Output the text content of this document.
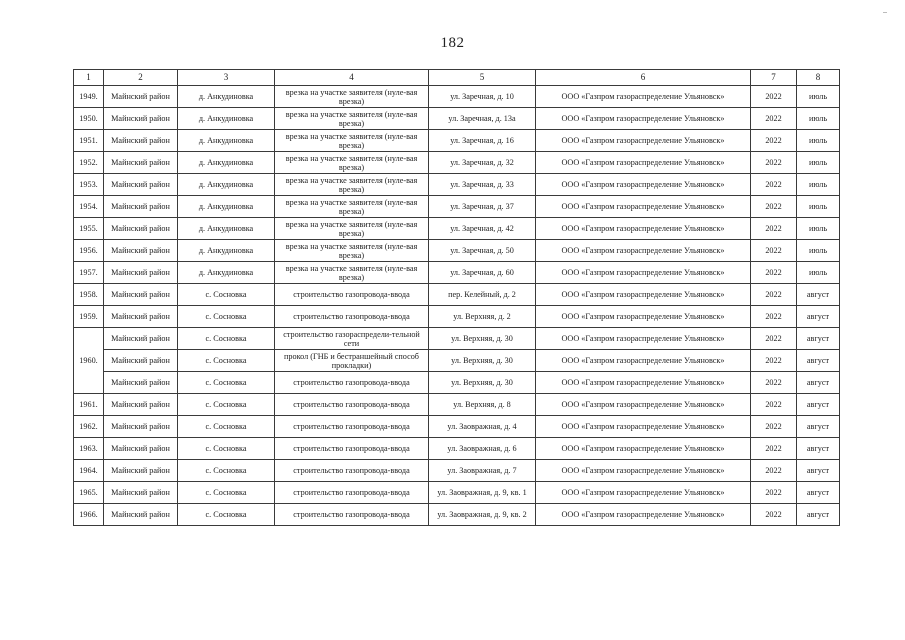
182
1	2	3	4	5	6	7	8
1949.	Майнский район	д. Анкудиновка	врезка на участке заявителя (нуле-вая врезка)	ул. Заречная, д. 10	ООО «Газпром газораспределение Ульяновск»	2022	июль
1950.	Майнский район	д. Анкудиновка	врезка на участке заявителя (нуле-вая врезка)	ул. Заречная, д. 13а	ООО «Газпром газораспределение Ульяновск»	2022	июль
1951.	Майнский район	д. Анкудиновка	врезка на участке заявителя (нуле-вая врезка)	ул. Заречная, д. 16	ООО «Газпром газораспределение Ульяновск»	2022	июль
1952.	Майнский район	д. Анкудиновка	врезка на участке заявителя (нуле-вая врезка)	ул. Заречная, д. 32	ООО «Газпром газораспределение Ульяновск»	2022	июль
1953.	Майнский район	д. Анкудиновка	врезка на участке заявителя (нуле-вая врезка)	ул. Заречная, д. 33	ООО «Газпром газораспределение Ульяновск»	2022	июль
1954.	Майнский район	д. Анкудиновка	врезка на участке заявителя (нуле-вая врезка)	ул. Заречная, д. 37	ООО «Газпром газораспределение Ульяновск»	2022	июль
1955.	Майнский район	д. Анкудиновка	врезка на участке заявителя (нуле-вая врезка)	ул. Заречная, д. 42	ООО «Газпром газораспределение Ульяновск»	2022	июль
1956.	Майнский район	д. Анкудиновка	врезка на участке заявителя (нуле-вая врезка)	ул. Заречная, д. 50	ООО «Газпром газораспределение Ульяновск»	2022	июль
1957.	Майнский район	д. Анкудиновка	врезка на участке заявителя (нуле-вая врезка)	ул. Заречная, д. 60	ООО «Газпром газораспределение Ульяновск»	2022	июль
1958.	Майнский район	с. Сосновка	строительство газопровода-ввода	пер. Келейный, д. 2	ООО «Газпром газораспределение Ульяновск»	2022	август
1959.	Майнский район	с. Сосновка	строительство газопровода-ввода	ул. Верхняя, д. 2	ООО «Газпром газораспределение Ульяновск»	2022	август
1960.	Майнский район	с. Сосновка	строительство газораспредели-тельной сети	ул. Верхняя, д. 30	ООО «Газпром газораспределение Ульяновск»	2022	август
	Майнский район	с. Сосновка	прокол (ГНБ и бестраншейный способ прокладки)	ул. Верхняя, д. 30	ООО «Газпром газораспределение Ульяновск»	2022	август
	Майнский район	с. Сосновка	строительство газопровода-ввода	ул. Верхняя, д. 30	ООО «Газпром газораспределение Ульяновск»	2022	август
1961.	Майнский район	с. Сосновка	строительство газопровода-ввода	ул. Верхняя, д. 8	ООО «Газпром газораспределение Ульяновск»	2022	август
1962.	Майнский район	с. Сосновка	строительство газопровода-ввода	ул. Заовражная, д. 4	ООО «Газпром газораспределение Ульяновск»	2022	август
1963.	Майнский район	с. Сосновка	строительство газопровода-ввода	ул. Заовражная, д. 6	ООО «Газпром газораспределение Ульяновск»	2022	август
1964.	Майнский район	с. Сосновка	строительство газопровода-ввода	ул. Заовражная, д. 7	ООО «Газпром газораспределение Ульяновск»	2022	август
1965.	Майнский район	с. Сосновка	строительство газопровода-ввода	ул. Заовражная, д. 9, кв. 1	ООО «Газпром газораспределение Ульяновск»	2022	август
1966.	Майнский район	с. Сосновка	строительство газопровода-ввода	ул. Заовражная, д. 9, кв. 2	ООО «Газпром газораспределение Ульяновск»	2022	август
